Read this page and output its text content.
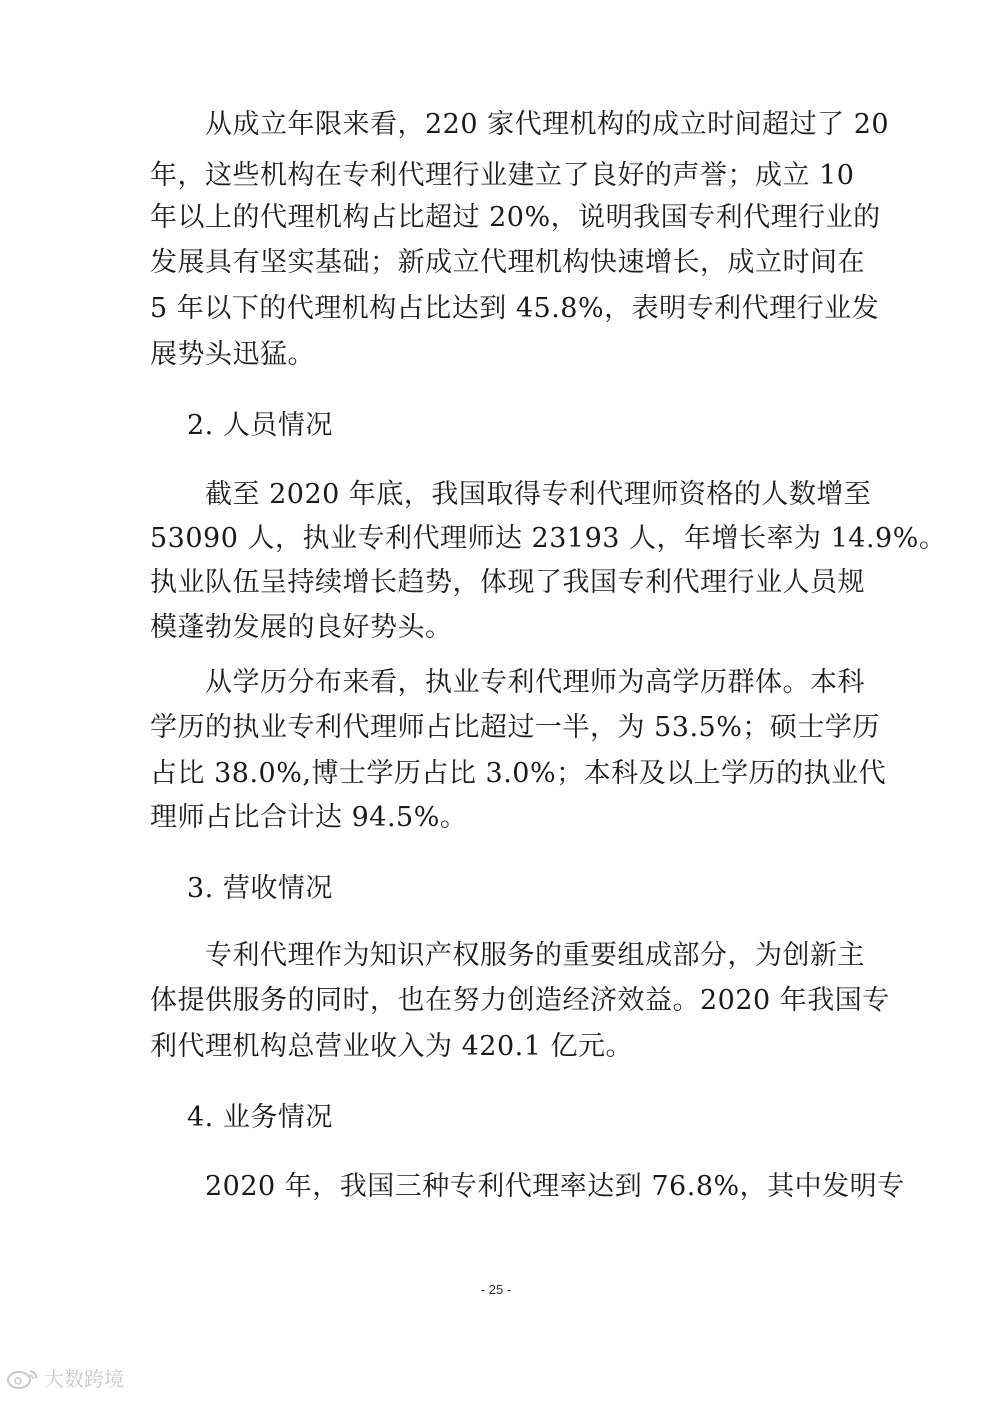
从成立年限来看，220 家代理机构的成立时间超过了 20
年，这些机构在专利代理行业建立了良好的声誉；成立 10
年以上的代理机构占比超过 20%，说明我国专利代理行业的
发展具有坚实基础；新成立代理机构快速增长，成立时间在
5 年以下的代理机构占比达到 45.8%，表明专利代理行业发
展势头迅猛。
2. 人员情况
截至 2020 年底，我国取得专利代理师资格的人数增至
53090 人，执业专利代理师达 23193 人，年增长率为 14.9%。
执业队伍呈持续增长趋势，体现了我国专利代理行业人员规
模蓬勃发展的良好势头。
从学历分布来看，执业专利代理师为高学历群体。本科
学历的执业专利代理师占比超过一半，为 53.5%；硕士学历
占比 38.0%,博士学历占比 3.0%；本科及以上学历的执业代
理师占比合计达 94.5%。
3. 营收情况
专利代理作为知识产权服务的重要组成部分，为创新主
体提供服务的同时，也在努力创造经济效益。2020 年我国专
利代理机构总营业收入为 420.1 亿元。
4. 业务情况
2020 年，我国三种专利代理率达到 76.8%，其中发明专
- 25 -
大数跨境
